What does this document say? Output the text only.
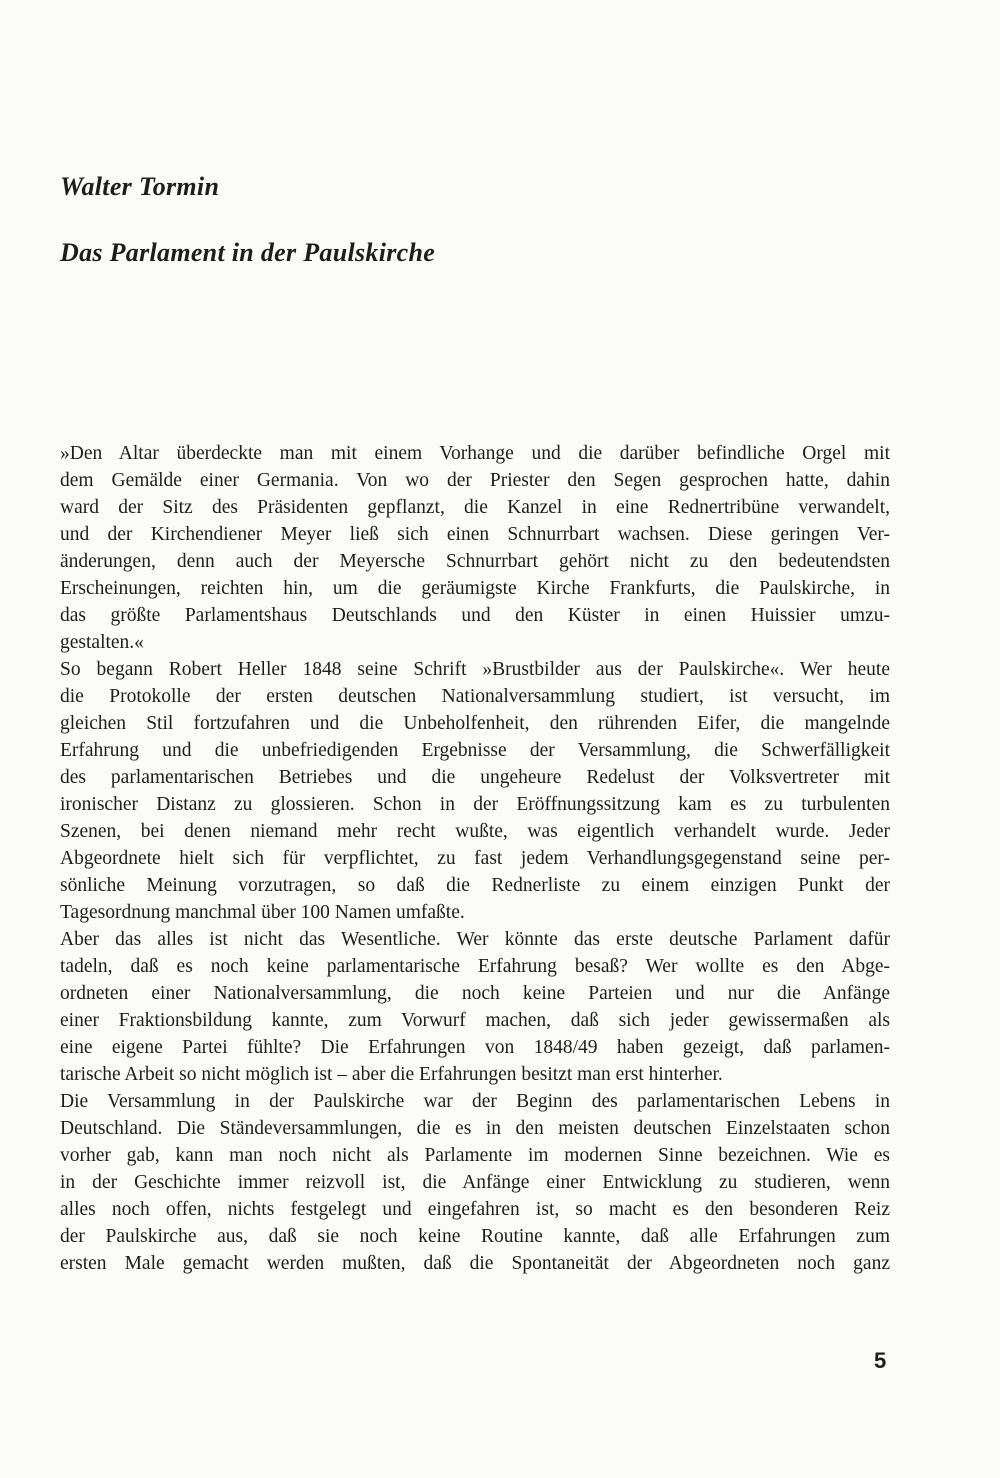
Walter Tormin
Das Parlament in der Paulskirche
»Den Altar überdeckte man mit einem Vorhange und die darüber befindliche Orgel mit
dem Gemälde einer Germania. Von wo der Priester den Segen gesprochen hatte, dahin
ward der Sitz des Präsidenten gepflanzt, die Kanzel in eine Rednertribüne verwandelt,
und der Kirchendiener Meyer ließ sich einen Schnurrbart wachsen. Diese geringen Ver-
änderungen, denn auch der Meyersche Schnurrbart gehört nicht zu den bedeutendsten
Erscheinungen, reichten hin, um die geräumigste Kirche Frankfurts, die Paulskirche, in
das größte Parlamentshaus Deutschlands und den Küster in einen Huissier umzu-
gestalten.«
So begann Robert Heller 1848 seine Schrift »Brustbilder aus der Paulskirche«. Wer heute
die Protokolle der ersten deutschen Nationalversammlung studiert, ist versucht, im
gleichen Stil fortzufahren und die Unbeholfenheit, den rührenden Eifer, die mangelnde
Erfahrung und die unbefriedigenden Ergebnisse der Versammlung, die Schwerfälligkeit
des parlamentarischen Betriebes und die ungeheure Redelust der Volksvertreter mit
ironischer Distanz zu glossieren. Schon in der Eröffnungssitzung kam es zu turbulenten
Szenen, bei denen niemand mehr recht wußte, was eigentlich verhandelt wurde. Jeder
Abgeordnete hielt sich für verpflichtet, zu fast jedem Verhandlungsgegenstand seine per-
sönliche Meinung vorzutragen, so daß die Rednerliste zu einem einzigen Punkt der
Tagesordnung manchmal über 100 Namen umfaßte.
Aber das alles ist nicht das Wesentliche. Wer könnte das erste deutsche Parlament dafür
tadeln, daß es noch keine parlamentarische Erfahrung besaß? Wer wollte es den Abge-
ordneten einer Nationalversammlung, die noch keine Parteien und nur die Anfänge
einer Fraktionsbildung kannte, zum Vorwurf machen, daß sich jeder gewissermaßen als
eine eigene Partei fühlte? Die Erfahrungen von 1848/49 haben gezeigt, daß parlamen-
tarische Arbeit so nicht möglich ist – aber die Erfahrungen besitzt man erst hinterher.
Die Versammlung in der Paulskirche war der Beginn des parlamentarischen Lebens in
Deutschland. Die Ständeversammlungen, die es in den meisten deutschen Einzelstaaten schon
vorher gab, kann man noch nicht als Parlamente im modernen Sinne bezeichnen. Wie es
in der Geschichte immer reizvoll ist, die Anfänge einer Entwicklung zu studieren, wenn
alles noch offen, nichts festgelegt und eingefahren ist, so macht es den besonderen Reiz
der Paulskirche aus, daß sie noch keine Routine kannte, daß alle Erfahrungen zum
ersten Male gemacht werden mußten, daß die Spontaneität der Abgeordneten noch ganz
5
